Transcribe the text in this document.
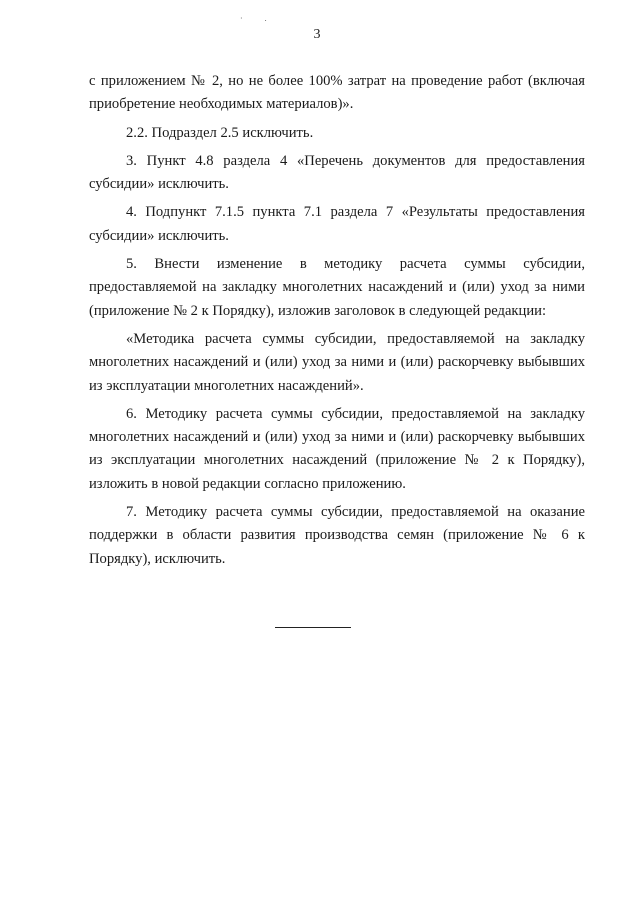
· .
3

с приложением № 2, но не более 100% затрат на проведение работ (включая приобретение необходимых материалов)».

2.2. Подраздел 2.5 исключить.

3. Пункт 4.8 раздела 4 «Перечень документов для предоставления субсидии» исключить.

4. Подпункт 7.1.5 пункта 7.1 раздела 7 «Результаты предоставления субсидии» исключить.

5. Внести изменение в методику расчета суммы субсидии, предоставляемой на закладку многолетних насаждений и (или) уход за ними (приложение № 2 к Порядку), изложив заголовок в следующей редакции:

«Методика расчета суммы субсидии, предоставляемой на закладку многолетних насаждений и (или) уход за ними и (или) раскорчевку выбывших из эксплуатации многолетних насаждений».

6. Методику расчета суммы субсидии, предоставляемой на закладку многолетних насаждений и (или) уход за ними и (или) раскорчевку выбывших из эксплуатации многолетних насаждений (приложение № 2 к Порядку), изложить в новой редакции согласно приложению.

7. Методику расчета суммы субсидии, предоставляемой на оказание поддержки в области развития производства семян (приложение № 6 к Порядку), исключить.
